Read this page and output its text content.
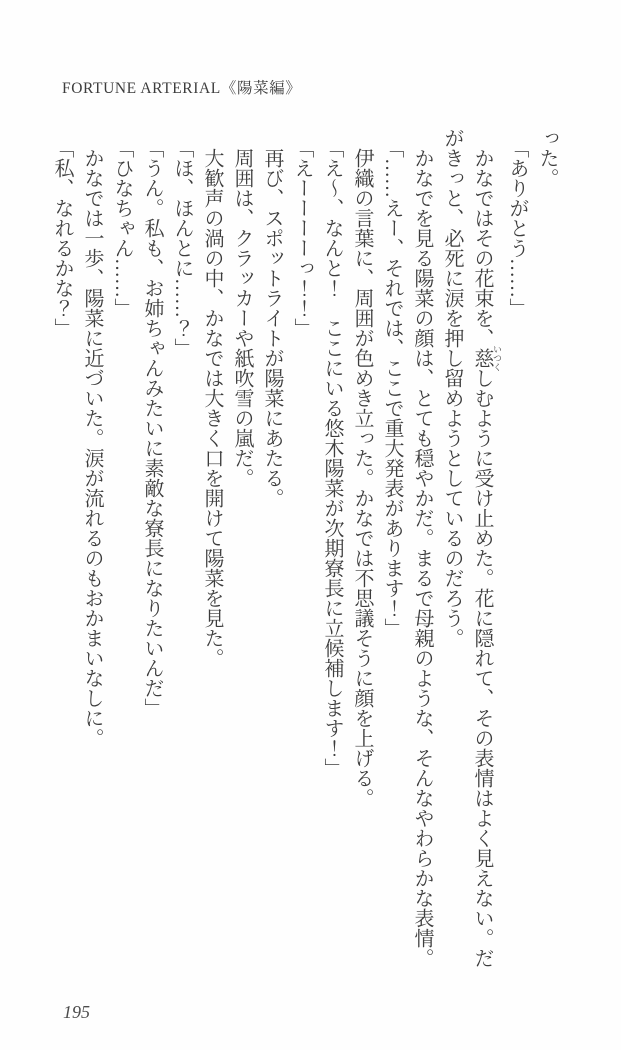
FORTUNE ARTERIAL《陽菜編》

った。

「ありがとう……」

かなではその花束を、慈 いつくしむように受け止めた。花に隠れて、その表情はよく見えない。だがきっと、必死に涙を押し留めようとしているのだろう。

かなでを見る陽菜の顔は、とても穏やかだ。まるで母親のような、そんなやわらかな表情。

「……えー、それでは、ここで重大発表があります！」

伊織の言葉に、周囲が色めき立った。かなでは不思議そうに顔を上げる。

「え〜、なんと！　ここにいる悠木陽菜が次期寮長に立候補します！」

「えーーーーっ！！」

再び、スポットライトが陽菜にあたる。

周囲は、クラッカーや紙吹雪の嵐だ。

大歓声の渦の中、かなでは大きく口を開けて陽菜を見た。

「ほ、ほんとに……？」

「うん。私も、お姉ちゃんみたいに素敵な寮長になりたいんだ」

「ひなちゃん……」

かなでは一歩、陽菜に近づいた。涙が流れるのもおかまいなしに。

「私、なれるかな？」

195
